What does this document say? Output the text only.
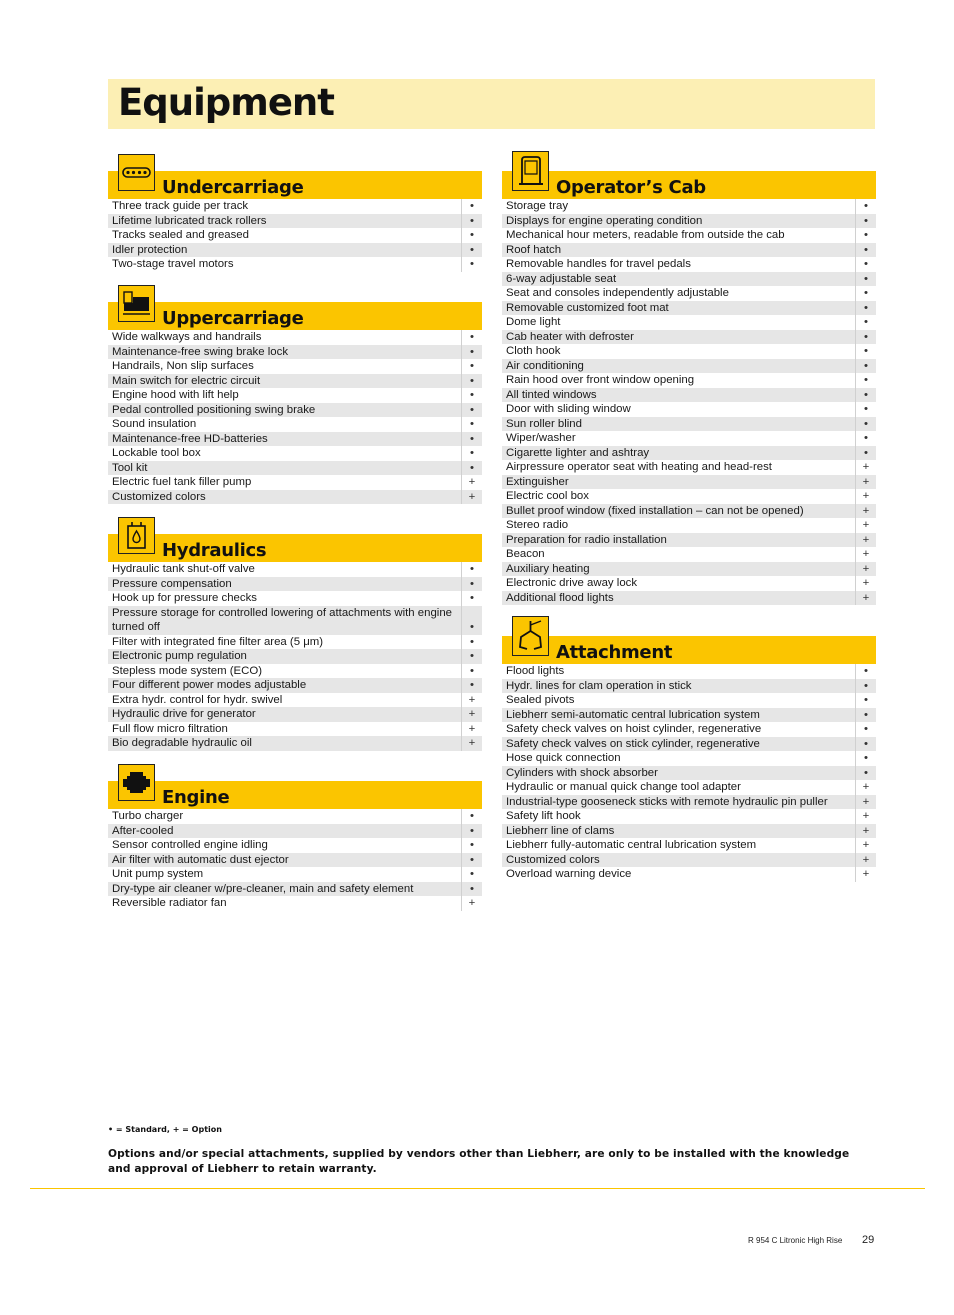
Equipment
Undercarriage
Three track guide per track	•
Lifetime lubricated track rollers	•
Tracks sealed and greased	•
Idler protection	•
Two-stage travel motors	•
Uppercarriage
Wide walkways and handrails	•
Maintenance-free swing brake lock	•
Handrails, Non slip surfaces	•
Main switch for electric circuit	•
Engine hood with lift help	•
Pedal controlled positioning swing brake	•
Sound insulation	•
Maintenance-free HD-batteries	•
Lockable tool box	•
Tool kit	•
Electric fuel tank filler pump	+
Customized colors	+
Hydraulics
Hydraulic tank shut-off valve	•
Pressure compensation	•
Hook up for pressure checks	•
Pressure storage for controlled lowering of attachments with engine turned off	•
Filter with integrated fine filter area (5 μm)	•
Electronic pump regulation	•
Stepless mode system (ECO)	•
Four different power modes adjustable	•
Extra hydr. control for hydr. swivel	+
Hydraulic drive for generator	+
Full flow micro filtration	+
Bio degradable hydraulic oil	+
Engine
Turbo charger	•
After-cooled	•
Sensor controlled engine idling	•
Air filter with automatic dust ejector	•
Unit pump system	•
Dry-type air cleaner w/pre-cleaner, main and safety element	•
Reversible radiator fan	+
Operator’s Cab
Storage tray	•
Displays for engine operating condition	•
Mechanical hour meters, readable from outside the cab	•
Roof hatch	•
Removable handles for travel pedals	•
6-way adjustable seat	•
Seat and consoles independently adjustable	•
Removable customized foot mat	•
Dome light	•
Cab heater with defroster	•
Cloth hook	•
Air conditioning	•
Rain hood over front window opening	•
All tinted windows	•
Door with sliding window	•
Sun roller blind	•
Wiper/washer	•
Cigarette lighter and ashtray	•
Airpressure operator seat with heating and head-rest	+
Extinguisher	+
Electric cool box	+
Bullet proof window (fixed installation – can not be opened)	+
Stereo radio	+
Preparation for radio installation	+
Beacon	+
Auxiliary heating	+
Electronic drive away lock	+
Additional flood lights	+
Attachment
Flood lights	•
Hydr. lines for clam operation in stick	•
Sealed pivots	•
Liebherr semi-automatic central lubrication system	•
Safety check valves on hoist cylinder, regenerative	•
Safety check valves on stick cylinder, regenerative	•
Hose quick connection	•
Cylinders with shock absorber	•
Hydraulic or manual quick change tool adapter	+
Industrial-type gooseneck sticks with remote hydraulic pin puller	+
Safety lift hook	+
Liebherr line of clams	+
Liebherr fully-automatic central lubrication system	+
Customized colors	+
Overload warning device	+
• = Standard, + = Option
Options and/or special attachments, supplied by vendors other than Liebherr, are only to be installed with the knowledge and approval of Liebherr to retain warranty.
R 954 C Litronic High Rise 29
